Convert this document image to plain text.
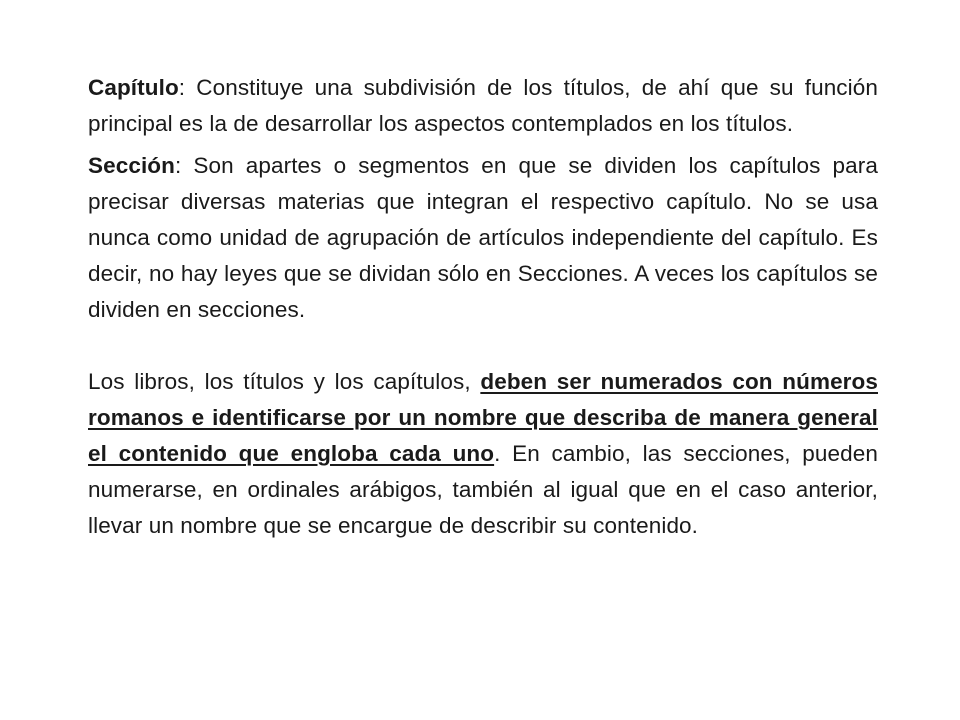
Capítulo: Constituye una subdivisión de los títulos, de ahí que su función principal es la de desarrollar los aspectos contemplados en los títulos.

Sección: Son apartes o segmentos en que se dividen los capítulos para precisar diversas materias que integran el respectivo capítulo. No se usa nunca como unidad de agrupación de artículos independiente del capítulo. Es decir, no hay leyes que se dividan sólo en Secciones. A veces los capítulos se dividen en secciones.

Los libros, los títulos y los capítulos, deben ser numerados con números romanos e identificarse por un nombre que describa de manera general el contenido que engloba cada uno. En cambio, las secciones, pueden numerarse, en ordinales arábigos, también al igual que en el caso anterior, llevar un nombre que se encargue de describir su contenido.
